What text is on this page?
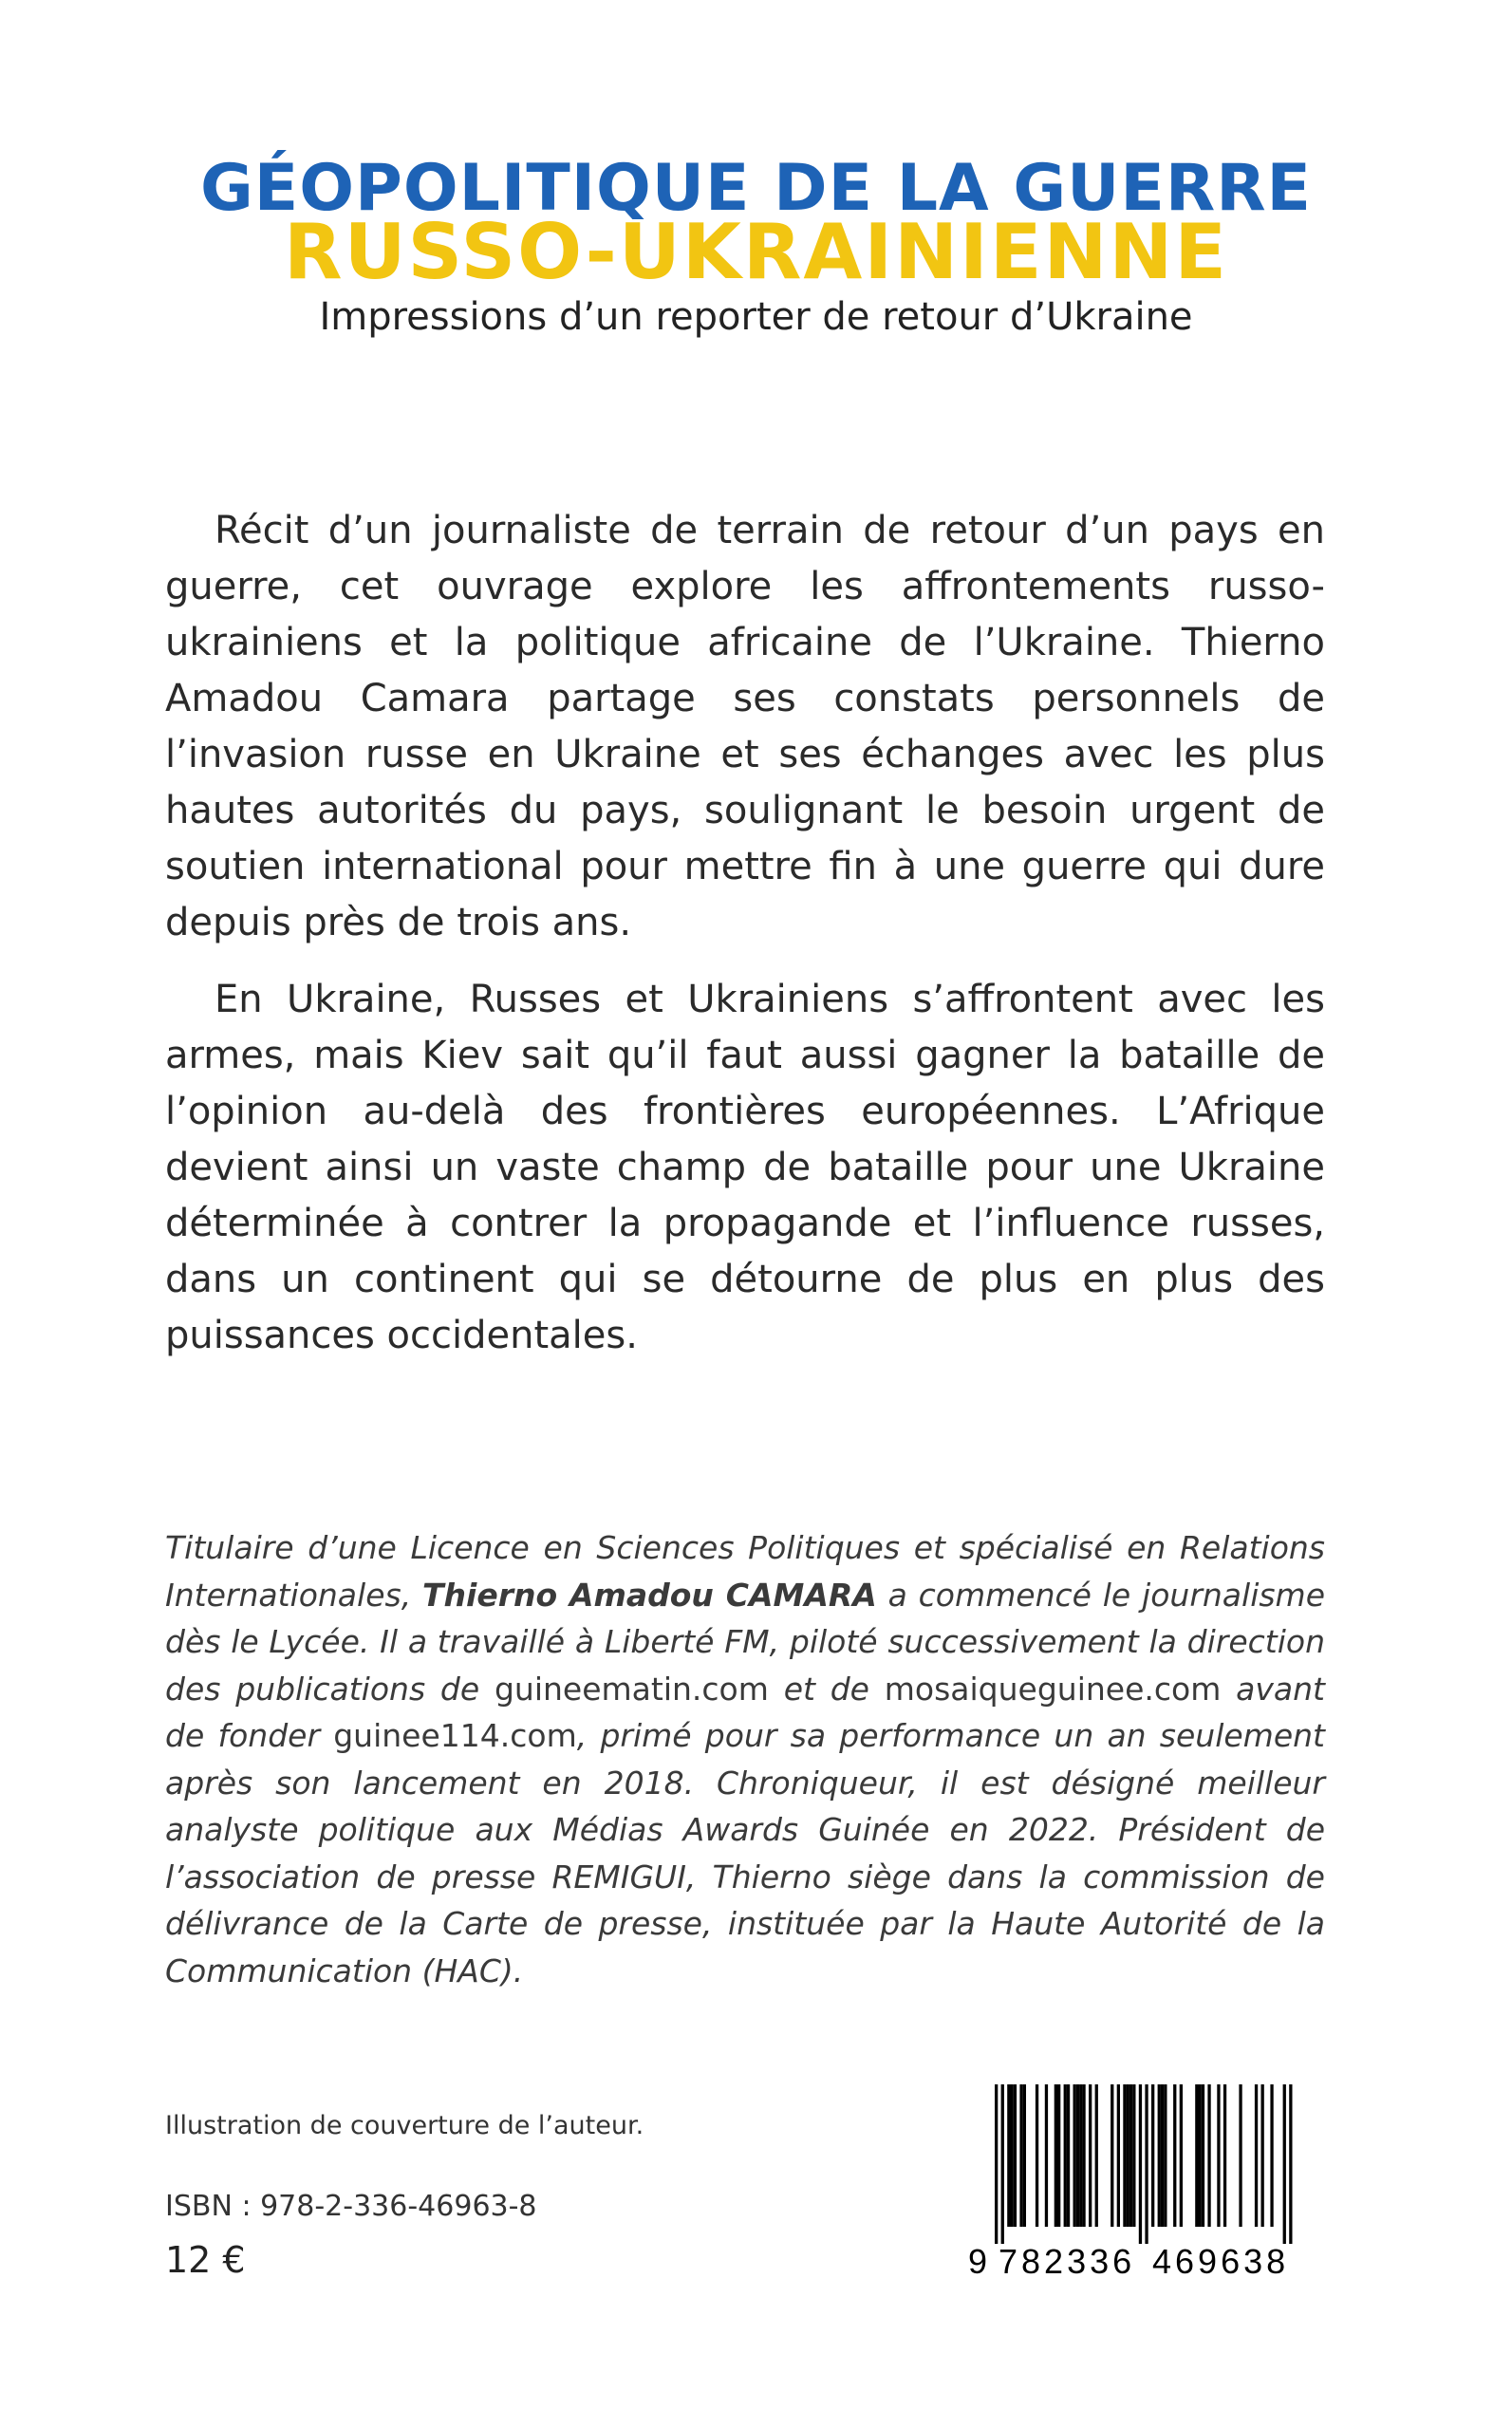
GÉOPOLITIQUE DE LA GUERRE
RUSSO-UKRAINIENNE
Impressions d’un reporter de retour d’Ukraine

Récit d’un journaliste de terrain de retour d’un pays en guerre, cet ouvrage explore les affrontements russo-ukrainiens et la politique africaine de l’Ukraine. Thierno Amadou Camara partage ses constats personnels de l’invasion russe en Ukraine et ses échanges avec les plus hautes autorités du pays, soulignant le besoin urgent de soutien international pour mettre fin à une guerre qui dure depuis près de trois ans.

En Ukraine, Russes et Ukrainiens s’affrontent avec les armes, mais Kiev sait qu’il faut aussi gagner la bataille de l’opinion au-delà des frontières européennes. L’Afrique devient ainsi un vaste champ de bataille pour une Ukraine déterminée à contrer la propagande et l’influence russes, dans un continent qui se détourne de plus en plus des puissances occidentales.

Titulaire d’une Licence en Sciences Politiques et spécialisé en Relations Internationales, Thierno Amadou CAMARA a commencé le journalisme dès le Lycée. Il a travaillé à Liberté FM, piloté successivement la direction des publications de guineematin.com et de mosaiqueguinee.com avant de fonder guinee114.com, primé pour sa performance un an seulement après son lancement en 2018. Chroniqueur, il est désigné meilleur analyste politique aux Médias Awards Guinée en 2022. Président de l’association de presse REMIGUI, Thierno siège dans la commission de délivrance de la Carte de presse, instituée par la Haute Autorité de la Communication (HAC).

Illustration de couverture de l’auteur.
ISBN : 978-2-336-46963-8
12 €	9 782336 469638
